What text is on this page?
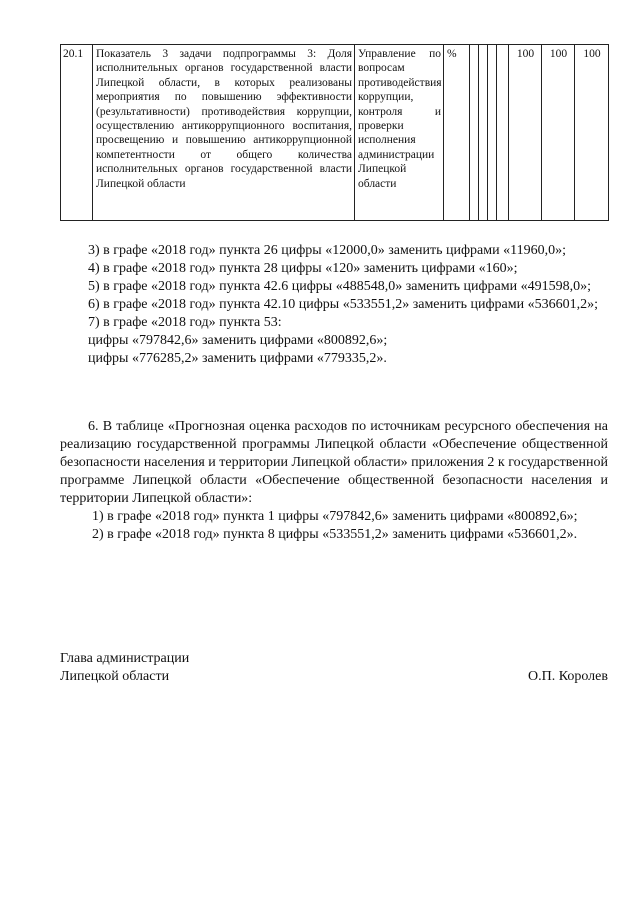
20.1	Показатель 3 задачи подпрограммы 3: Доля исполнительных органов государственной власти Липецкой области, в которых реализованы мероприятия по повышению эффективности (результативности) противодействия коррупции, осуществлению антикоррупционного воспитания, просвещению и повышению антикоррупционной компетентности от общего количества исполнительных органов государственной власти Липецкой области	Управление по вопросам противодействия коррупции, контроля и проверки исполнения администрации Липецкой области	%					100	100	100

3) в графе «2018 год» пункта 26 цифры «12000,0» заменить цифрами «11960,0»;

4) в графе «2018 год» пункта 28 цифры «120» заменить цифрами «160»;

5) в графе «2018 год» пункта 42.6 цифры «488548,0» заменить цифрами «491598,0»;

6) в графе «2018 год» пункта 42.10 цифры «533551,2» заменить цифрами «536601,2»;

7) в графе «2018 год» пункта 53:

цифры «797842,6» заменить цифрами «800892,6»;

цифры «776285,2» заменить цифрами «779335,2».

6. В таблице «Прогнозная оценка расходов по источникам ресурсного обеспечения на реализацию государственной программы Липецкой области «Обеспечение общественной безопасности населения и территории Липецкой области» приложения 2 к государственной программе Липецкой области «Обеспечение общественной безопасности населения и территории Липецкой области»:

1) в графе «2018 год» пункта 1 цифры «797842,6» заменить цифрами «800892,6»;

2) в графе «2018 год» пункта 8 цифры «533551,2» заменить цифрами «536601,2».

Глава администрации
Липецкой области	О.П. Королев
